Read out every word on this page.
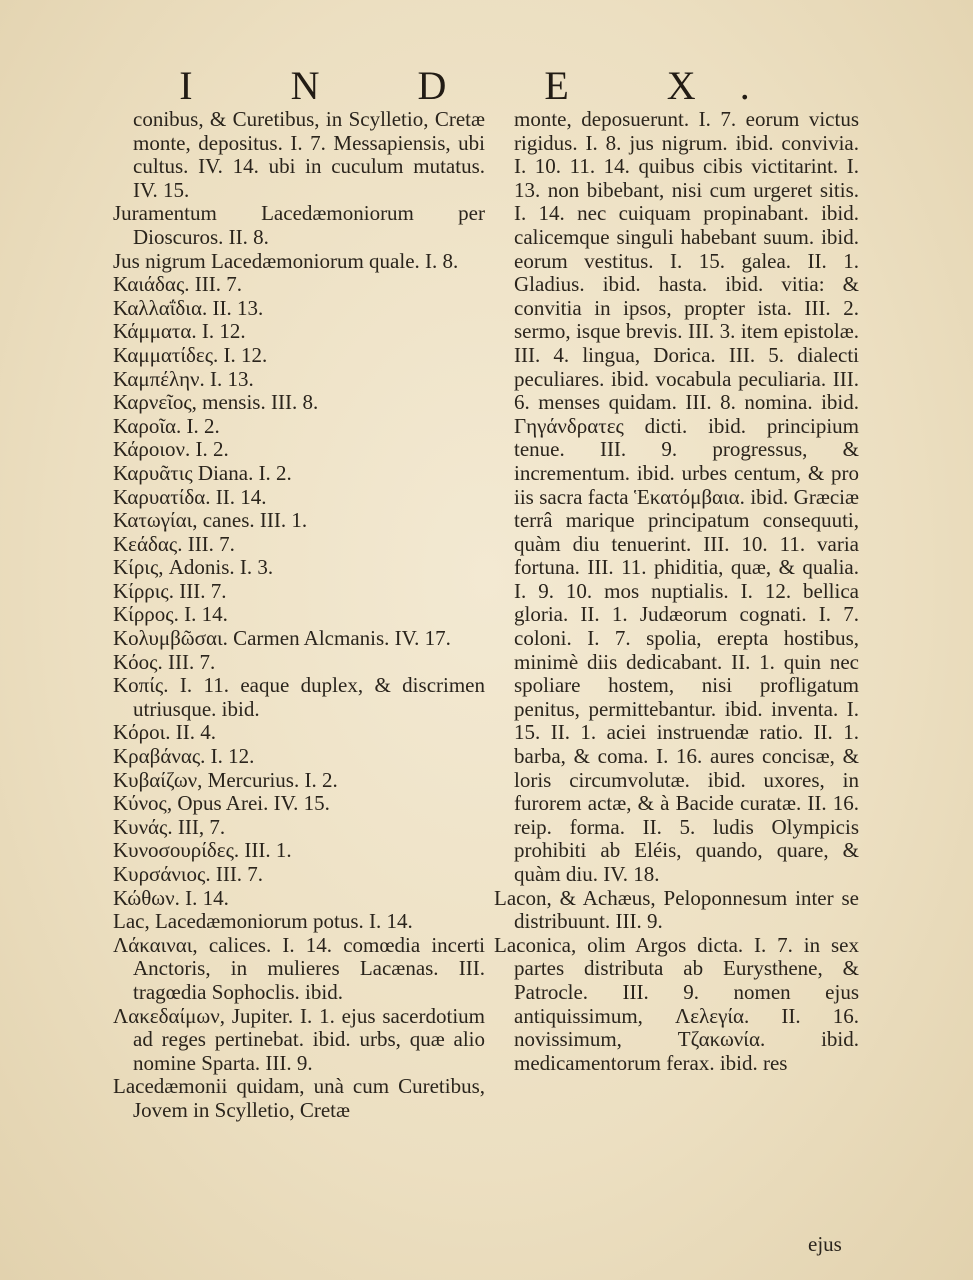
I N D E X.

conibus, & Curetibus, in Scylletio, Cretæ monte, depositus. I. 7. Messapiensis, ubi cultus. IV. 14. ubi in cuculum mutatus. IV. 15.

Juramentum Lacedæmoniorum per Dioscuros. II. 8.

Jus nigrum Lacedæmoniorum quale. I. 8.

Καιάδας. III. 7.

Καλλαΐδια. II. 13.

Κάμματα. I. 12.

Καμματίδες. I. 12.

Καμπέλην. I. 13.

Καρνεῖος, mensis. III. 8.

Καροῖα. I. 2.

Κάροιον. I. 2.

Καρυᾶτις Diana. I. 2.

Καρυατίδα. II. 14.

Κατωγίαι, canes. III. 1.

Κεάδας. III. 7.

Κίρις, Adonis. I. 3.

Κίρρις. III. 7.

Κίρρος. I. 14.

Κολυμβῶσαι. Carmen Alcmanis. IV. 17.

Κόος. III. 7.

Κοπίς. I. 11. eaque duplex, & discrimen utriusque. ibid.

Κόροι. II. 4.

Κραβάνας. I. 12.

Κυβαίζων, Mercurius. I. 2.

Κύνος, Opus Arei. IV. 15.

Κυνάς. III, 7.

Κυνοσουρίδες. III. 1.

Κυρσάνιος. III. 7.

Κώθων. I. 14.

Lac, Lacedæmoniorum potus. I. 14.

Λάκαιναι, calices. I. 14. comœdia incerti Anctoris, in mulieres Lacænas. III. tragœdia Sophoclis. ibid.

Λακεδαίμων, Jupiter. I. 1. ejus sacerdotium ad reges pertinebat. ibid. urbs, quæ alio nomine Sparta. III. 9.

Lacedæmonii quidam, unà cum Curetibus, Jovem in Scylletio, Cretæ

monte, deposuerunt. I. 7. eorum victus rigidus. I. 8. jus nigrum. ibid. convivia. I. 10. 11. 14. quibus cibis victitarint. I. 13. non bibebant, nisi cum urgeret sitis. I. 14. nec cuiquam propinabant. ibid. calicemque singuli habebant suum. ibid. eorum vestitus. I. 15. galea. II. 1. Gladius. ibid. hasta. ibid. vitia: & convitia in ipsos, propter ista. III. 2. sermo, isque brevis. III. 3. item epistolæ. III. 4. lingua, Dorica. III. 5. dialecti peculiares. ibid. vocabula peculiaria. III. 6. menses quidam. III. 8. nomina. ibid. Γηγάνδρατες dicti. ibid. principium tenue. III. 9. progressus, & incrementum. ibid. urbes centum, & pro iis sacra facta Ἑκατόμβαια. ibid. Græciæ terrâ marique principatum consequuti, quàm diu tenuerint. III. 10. 11. varia fortuna. III. 11. phiditia, quæ, & qualia. I. 9. 10. mos nuptialis. I. 12. bellica gloria. II. 1. Judæorum cognati. I. 7. coloni. I. 7. spolia, erepta hostibus, minimè diis dedicabant. II. 1. quin nec spoliare hostem, nisi profligatum penitus, permittebantur. ibid. inventa. I. 15. II. 1. aciei instruendæ ratio. II. 1. barba, & coma. I. 16. aures concisæ, & loris circumvolutæ. ibid. uxores, in furorem actæ, & à Bacide curatæ. II. 16. reip. forma. II. 5. ludis Olympicis prohibiti ab Eléis, quando, quare, & quàm diu. IV. 18.

Lacon, & Achæus, Peloponnesum inter se distribuunt. III. 9.

Laconica, olim Argos dicta. I. 7. in sex partes distributa ab Eurysthene, & Patrocle. III. 9. nomen ejus antiquissimum, Λελεγία. II. 16. novissimum, Τζακωνία. ibid. medicamentorum ferax. ibid. res

ejus
